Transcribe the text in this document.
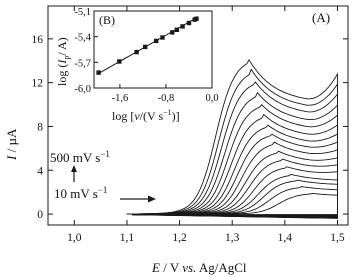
1,0	1,1	1,2	1,3	1,4	1,5
0
4
8
12
16
(A)
I / µA
E / V vs. Ag/AgCl
500 mV $s^{-1}$
10 mV $s^{-1}$
-1,6	-0,8	0,0
-6,0
-5,7
-5,4
-5,1
(B)
log [v/(V $s^{-1}$)]
$\log (I_p/$ A)
